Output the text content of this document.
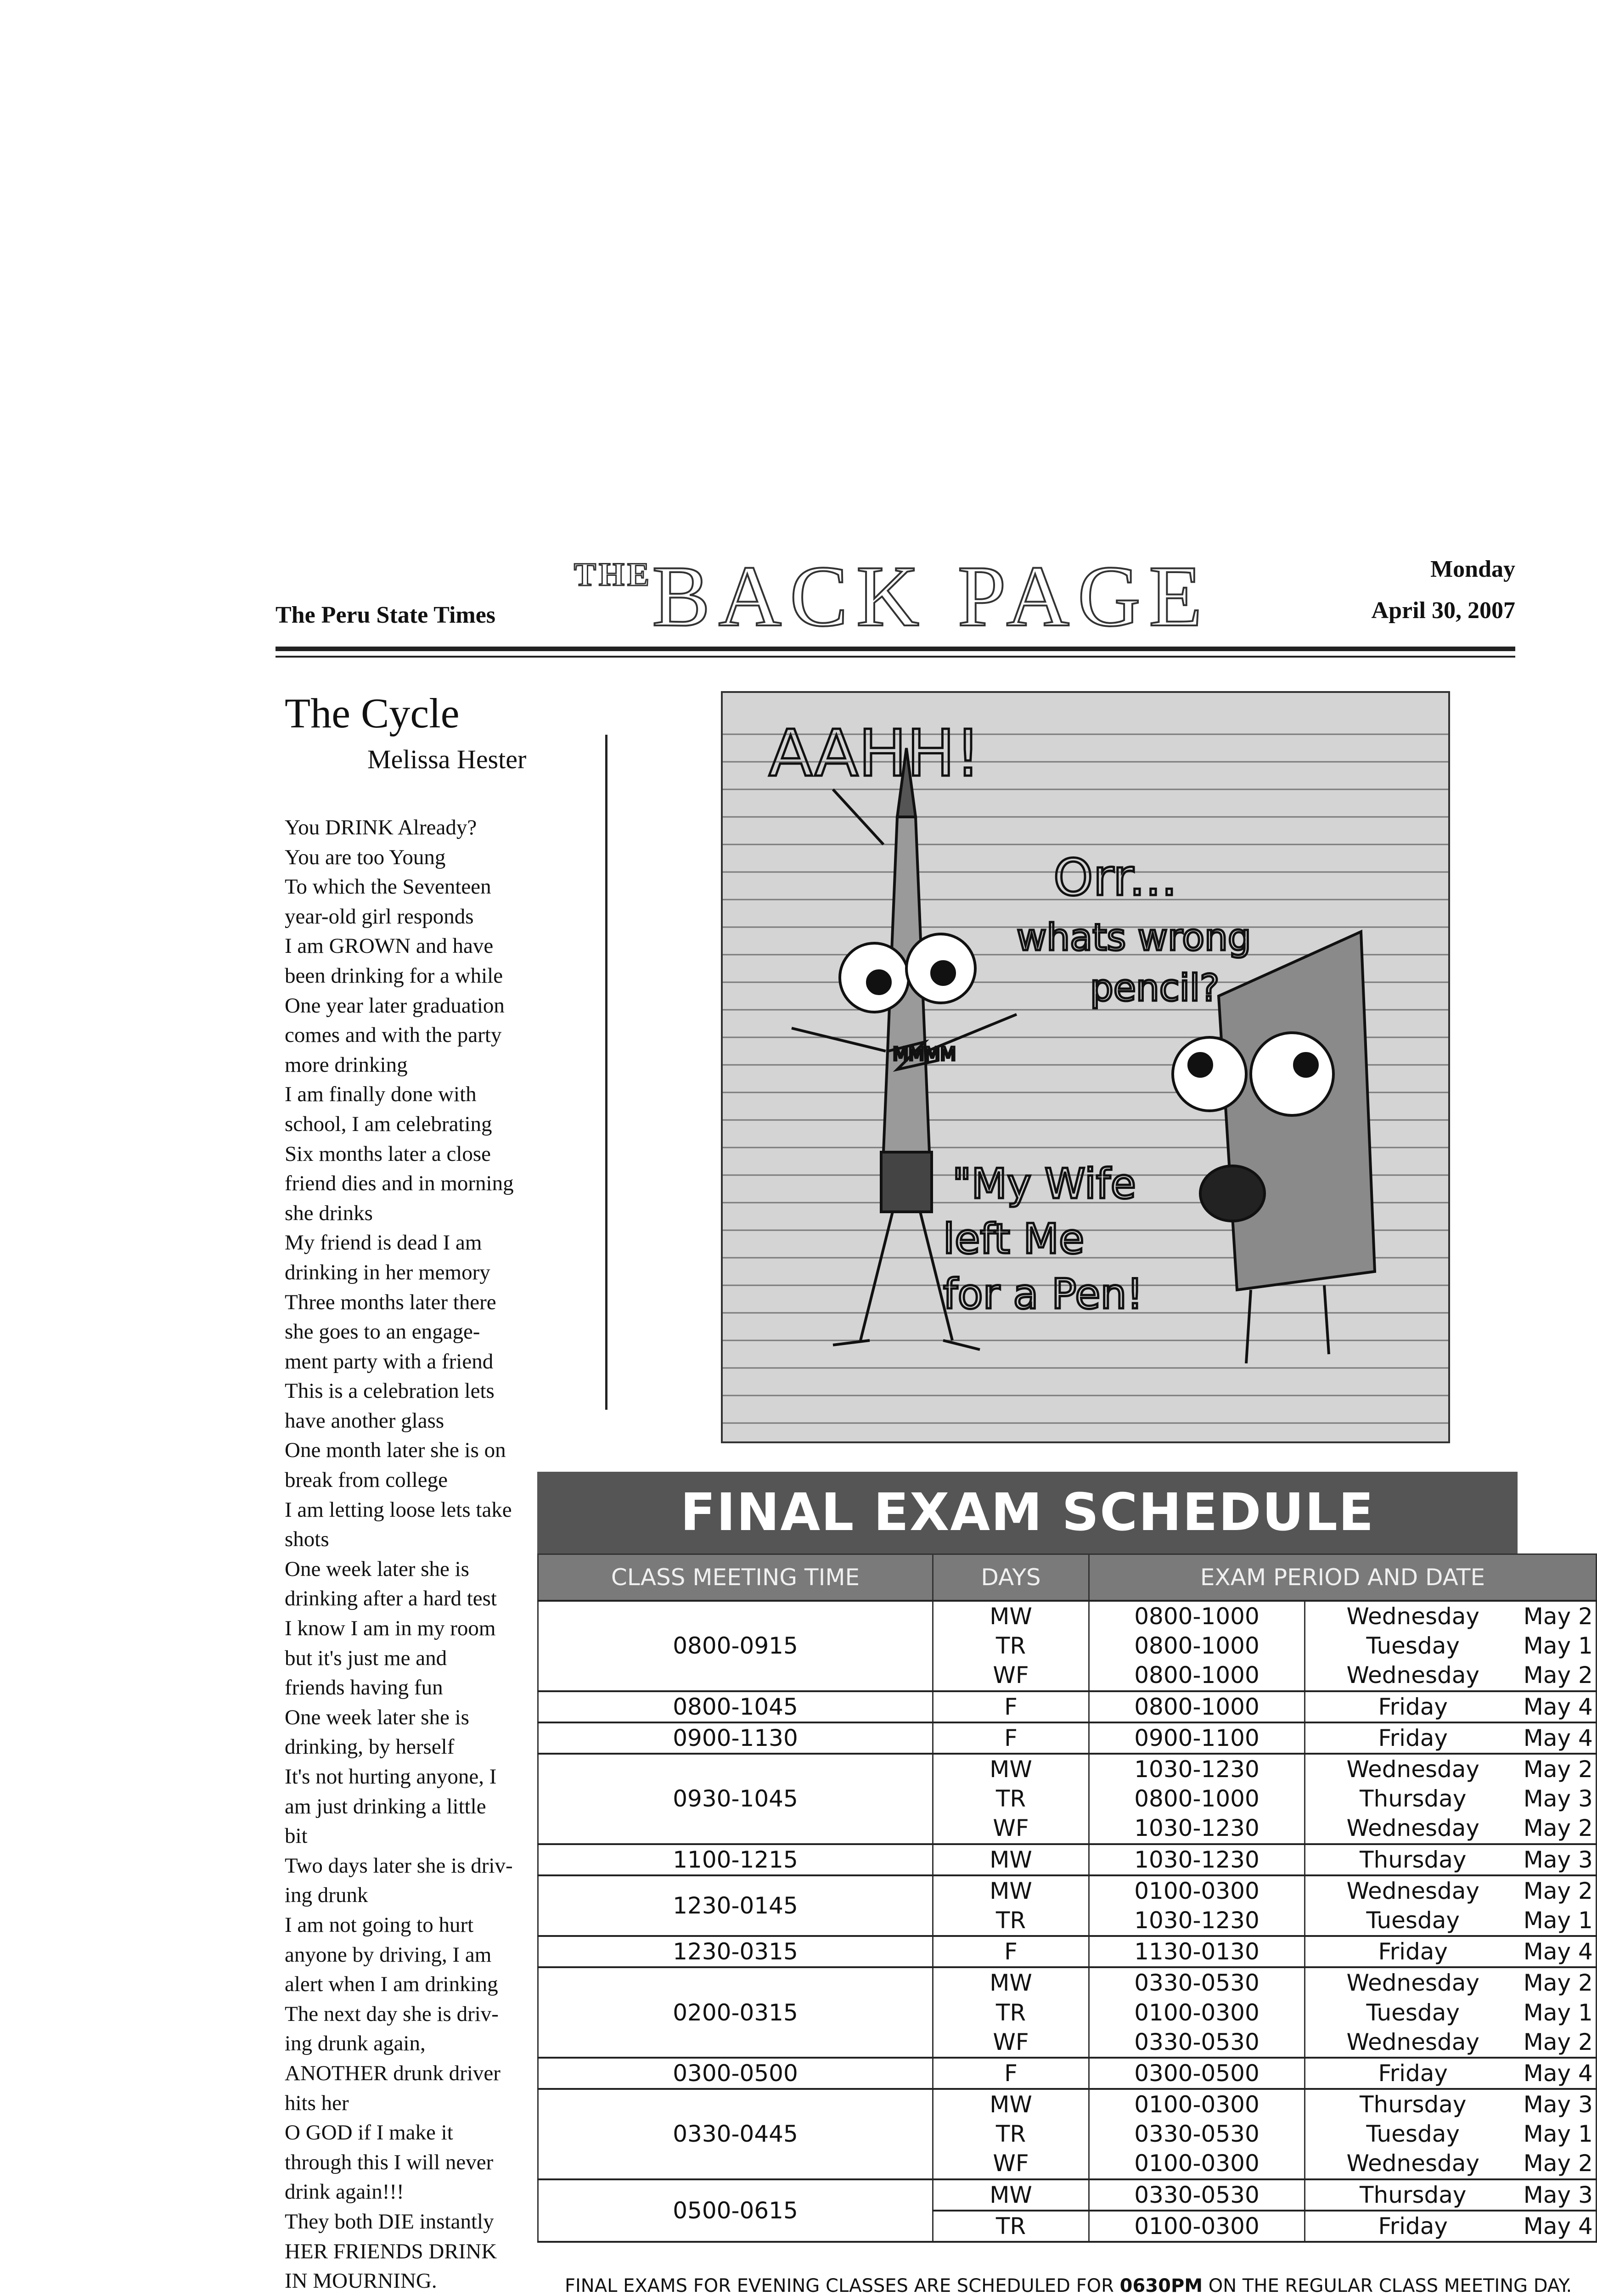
The Peru State Times
THE BACK PAGE	Monday
April 30, 2007
The Cycle
Melissa Hester
You DRINK Already?
You are too Young
To which the Seventeen
year-old girl responds
I am GROWN and have
been drinking for a while
One year later graduation
comes and with the party
more drinking
I am finally done with
school, I am celebrating
Six months later a close
friend dies and in morning
she drinks
My friend is dead I am
drinking in her memory
Three months later there
she goes to an engage-
ment party with a friend
This is a celebration lets
have another glass
One month later she is on
break from college
I am letting loose lets take
shots
One week later she is
drinking after a hard test
I know I am in my room
but it's just me and
friends having fun
One week later she is
drinking, by herself
It's not hurting anyone, I
am just drinking a little
bit
Two days later she is driv-
ing drunk
I am not going to hurt
anyone by driving, I am
alert when I am drinking
The next day she is driv-
ing drunk again,
ANOTHER drunk driver
hits her
O GOD if I make it
through this I will never
drink again!!!
They both DIE instantly
HER FRIENDS DRINK
IN MOURNING.
AAHH!
Orr...
whats wrong
pencil?
"My Wife
left Me
for a Pen!
MMMM
FINAL EXAM SCHEDULE
CLASS MEETING TIME	DAYS	EXAM PERIOD AND DATE		
0800-0915	MW	0800-1000	Wednesday	May 2
	TR	0800-1000	Tuesday	May 1
	WF	0800-1000	Wednesday	May 2
0800-1045	F	0800-1000	Friday	May 4
0900-1130	F	0900-1100	Friday	May 4
0930-1045	MW	1030-1230	Wednesday	May 2
	TR	0800-1000	Thursday	May 3
	WF	1030-1230	Wednesday	May 2
1100-1215	MW	1030-1230	Thursday	May 3
1230-0145	MW	0100-0300	Wednesday	May 2
	TR	1030-1230	Tuesday	May 1
1230-0315	F	1130-0130	Friday	May 4
0200-0315	MW	0330-0530	Wednesday	May 2
	TR	0100-0300	Tuesday	May 1
	WF	0330-0530	Wednesday	May 2
0300-0500	F	0300-0500	Friday	May 4
0330-0445	MW	0100-0300	Thursday	May 3
	TR	0330-0530	Tuesday	May 1
	WF	0100-0300	Wednesday	May 2
0500-0615	MW	0330-0530	Thursday	May 3
	TR	0100-0300	Friday	May 4
FINAL EXAMS FOR EVENING CLASSES ARE SCHEDULED FOR 0630PM ON THE REGULAR CLASS MEETING DAY.
